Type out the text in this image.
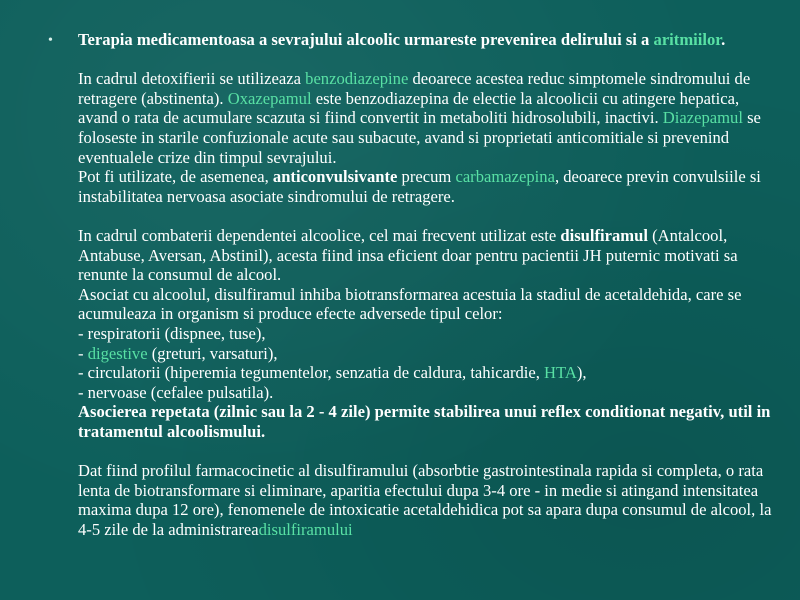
• Terapia medicamentoasa a sevrajului alcoolic urmareste prevenirea delirului si a aritmiilor.

In cadrul detoxifierii se utilizeaza benzodiazepine deoarece acestea reduc simptomele sindromului de retragere (abstinenta). Oxazepamul este benzodiazepina de electie la alcoolicii cu atingere hepatica, avand o rata de acumulare scazuta si fiind convertit in metaboliti hidrosolubili, inactivi. Diazepamul se foloseste in starile confuzionale acute sau subacute, avand si proprietati anticomitiale si prevenind eventualele crize din timpul sevrajului.

Pot fi utilizate, de asemenea, anticonvulsivante precum carbamazepina, deoarece previn convulsiile si instabilitatea nervoasa asociate sindromului de retragere.

In cadrul combaterii dependentei alcoolice, cel mai frecvent utilizat este disulfiramul (Antalcool, Antabuse, Aversan, Abstinil), acesta fiind insa eficient doar pentru pacientii JH puternic motivati sa renunte la consumul de alcool.

Asociat cu alcoolul, disulfiramul inhiba biotransformarea acestuia la stadiul de acetaldehida, care se acumuleaza in organism si produce efecte adversede tipul celor:

- respiratorii (dispnee, tuse),

- digestive (greturi, varsaturi),

- circulatorii (hiperemia tegumentelor, senzatia de caldura, tahicardie, HTA),

- nervoase (cefalee pulsatila).

Asocierea repetata (zilnic sau la 2 - 4 zile) permite stabilirea unui reflex conditionat negativ, util in tratamentul alcoolismului.

Dat fiind profilul farmacocinetic al disulfiramului (absorbtie gastrointestinala rapida si completa, o rata lenta de biotransformare si eliminare, aparitia efectului dupa 3-4 ore - in medie si atingand intensitatea maxima dupa 12 ore), fenomenele de intoxicatie acetaldehidica pot sa apara dupa consumul de alcool, la 4-5 zile de la administrareadisulfiramului
